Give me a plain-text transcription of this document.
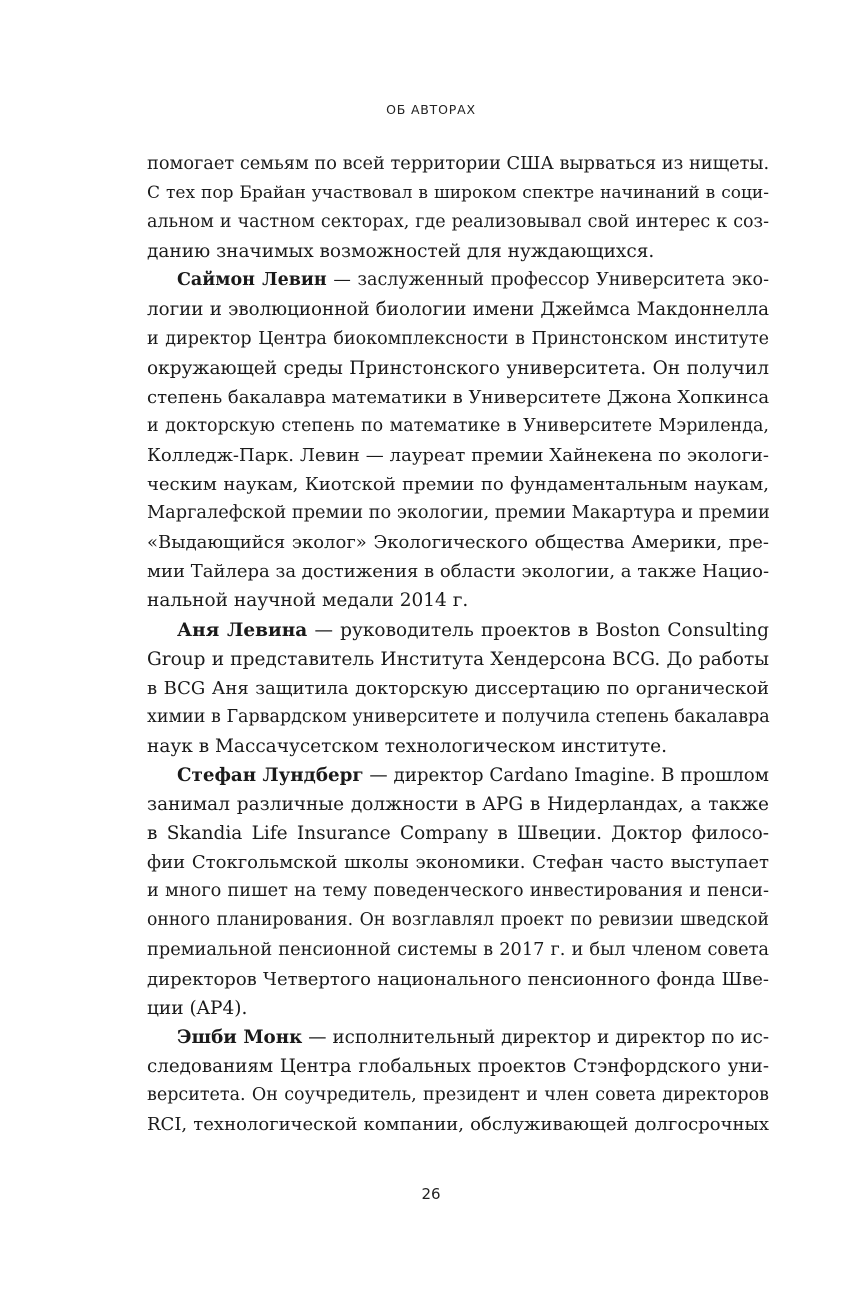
ОБ АВТОРАХ
помогает семьям по всей территории США вырваться из нищеты.
С тех пор Брайан участвовал в широком спектре начинаний в соци-
альном и частном секторах, где реализовывал свой интерес к соз-
данию значимых возможностей для нуждающихся.
Саймон Левин — заслуженный профессор Университета эко-
логии и эволюционной биологии имени Джеймса Макдоннелла
и директор Центра биокомплексности в Принстонском институте
окружающей среды Принстонского университета. Он получил
степень бакалавра математики в Университете Джона Хопкинса
и докторскую степень по математике в Университете Мэриленда,
Колледж-Парк. Левин — лауреат премии Хайнекена по экологи-
ческим наукам, Киотской премии по фундаментальным наукам,
Маргалефской премии по экологии, премии Макартура и премии
«Выдающийся эколог» Экологического общества Америки, пре-
мии Тайлера за достижения в области экологии, а также Нацио-
нальной научной медали 2014 г.
Аня Левина — руководитель проектов в Boston Consulting
Group и представитель Института Хендерсона BCG. До работы
в BCG Аня защитила докторскую диссертацию по органической
химии в Гарвардском университете и получила степень бакалавра
наук в Массачусетском технологическом институте.
Стефан Лундберг — директор Cardano Imagine. В прошлом
занимал различные должности в APG в Нидерландах, а также
в Skandia Life Insurance Company в Швеции. Доктор филосо-
фии Стокгольмской школы экономики. Стефан часто выступает
и много пишет на тему поведенческого инвестирования и пенси-
онного планирования. Он возглавлял проект по ревизии шведской
премиальной пенсионной системы в 2017 г. и был членом совета
директоров Четвертого национального пенсионного фонда Шве-
ции (AP4).
Эшби Монк — исполнительный директор и директор по ис-
следованиям Центра глобальных проектов Стэнфордского уни-
верситета. Он соучредитель, президент и член совета директоров
RCI, технологической компании, обслуживающей долгосрочных
26
